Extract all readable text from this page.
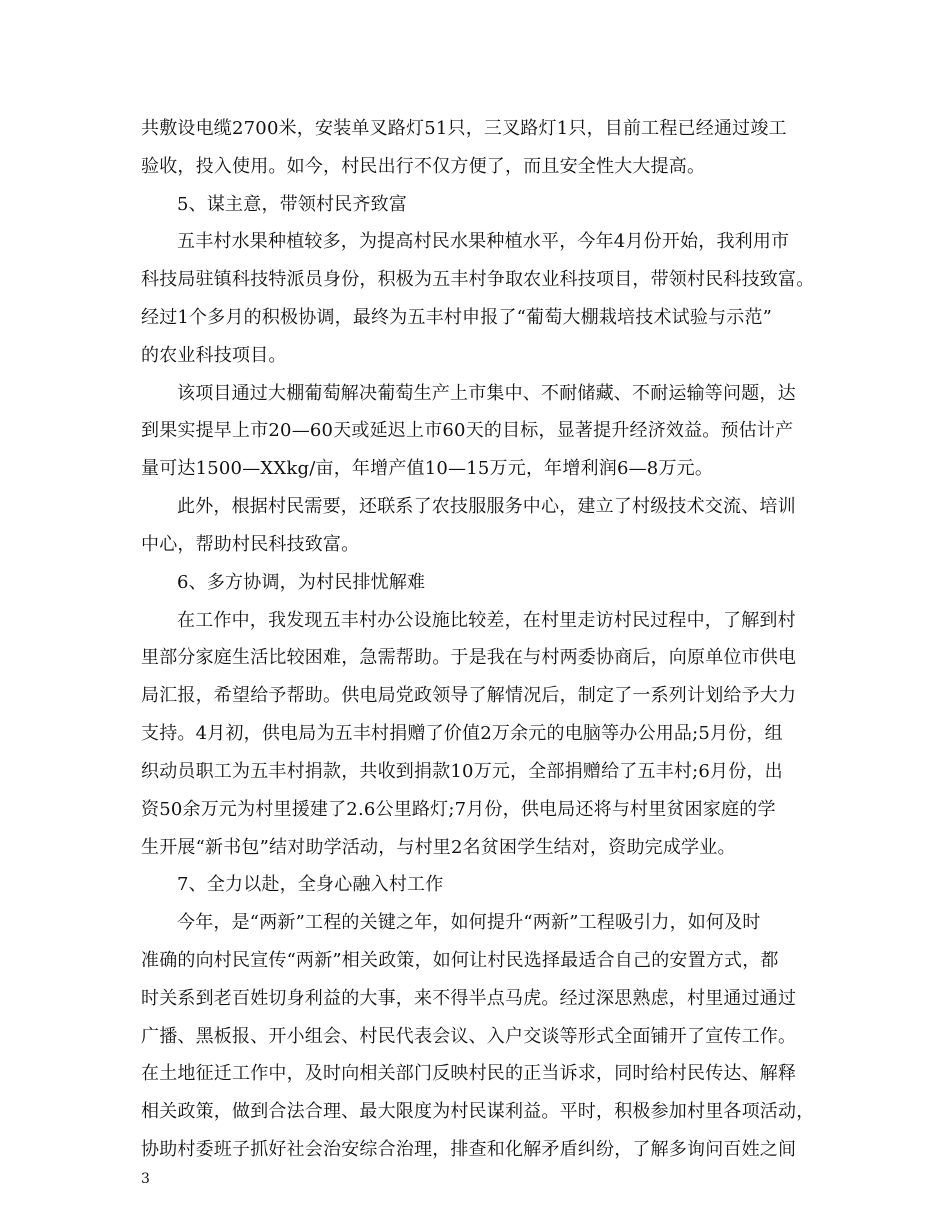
共敷设电缆2700米，安装单叉路灯51只，三叉路灯1只，目前工程已经通过竣工
验收，投入使用。如今，村民出行不仅方便了，而且安全性大大提高。
5、谋主意，带领村民齐致富
五丰村水果种植较多，为提高村民水果种植水平，今年4月份开始，我利用市
科技局驻镇科技特派员身份，积极为五丰村争取农业科技项目，带领村民科技致富。
经过1个多月的积极协调，最终为五丰村申报了“葡萄大棚栽培技术试验与示范”
的农业科技项目。
该项目通过大棚葡萄解决葡萄生产上市集中、不耐储藏、不耐运输等问题，达
到果实提早上市20—60天或延迟上市60天的目标，显著提升经济效益。预估计产
量可达1500—XXkg/亩，年增产值10—15万元，年增利润6—8万元。
此外，根据村民需要，还联系了农技服服务中心，建立了村级技术交流、培训
中心，帮助村民科技致富。
6、多方协调，为村民排忧解难
在工作中，我发现五丰村办公设施比较差，在村里走访村民过程中，了解到村
里部分家庭生活比较困难，急需帮助。于是我在与村两委协商后，向原单位市供电
局汇报，希望给予帮助。供电局党政领导了解情况后，制定了一系列计划给予大力
支持。4月初，供电局为五丰村捐赠了价值2万余元的电脑等办公用品;5月份，组
织动员职工为五丰村捐款，共收到捐款10万元，全部捐赠给了五丰村;6月份，出
资50余万元为村里援建了2.6公里路灯;7月份，供电局还将与村里贫困家庭的学
生开展“新书包”结对助学活动，与村里2名贫困学生结对，资助完成学业。
7、全力以赴，全身心融入村工作
今年，是“两新”工程的关键之年，如何提升“两新”工程吸引力，如何及时
准确的向村民宣传“两新”相关政策，如何让村民选择最适合自己的安置方式，都
时关系到老百姓切身利益的大事，来不得半点马虎。经过深思熟虑，村里通过通过
广播、黑板报、开小组会、村民代表会议、入户交谈等形式全面铺开了宣传工作。
在土地征迁工作中，及时向相关部门反映村民的正当诉求，同时给村民传达、解释
相关政策，做到合法合理、最大限度为村民谋利益。平时，积极参加村里各项活动，
协助村委班子抓好社会治安综合治理，排查和化解矛盾纠纷，了解多询问百姓之间
3
